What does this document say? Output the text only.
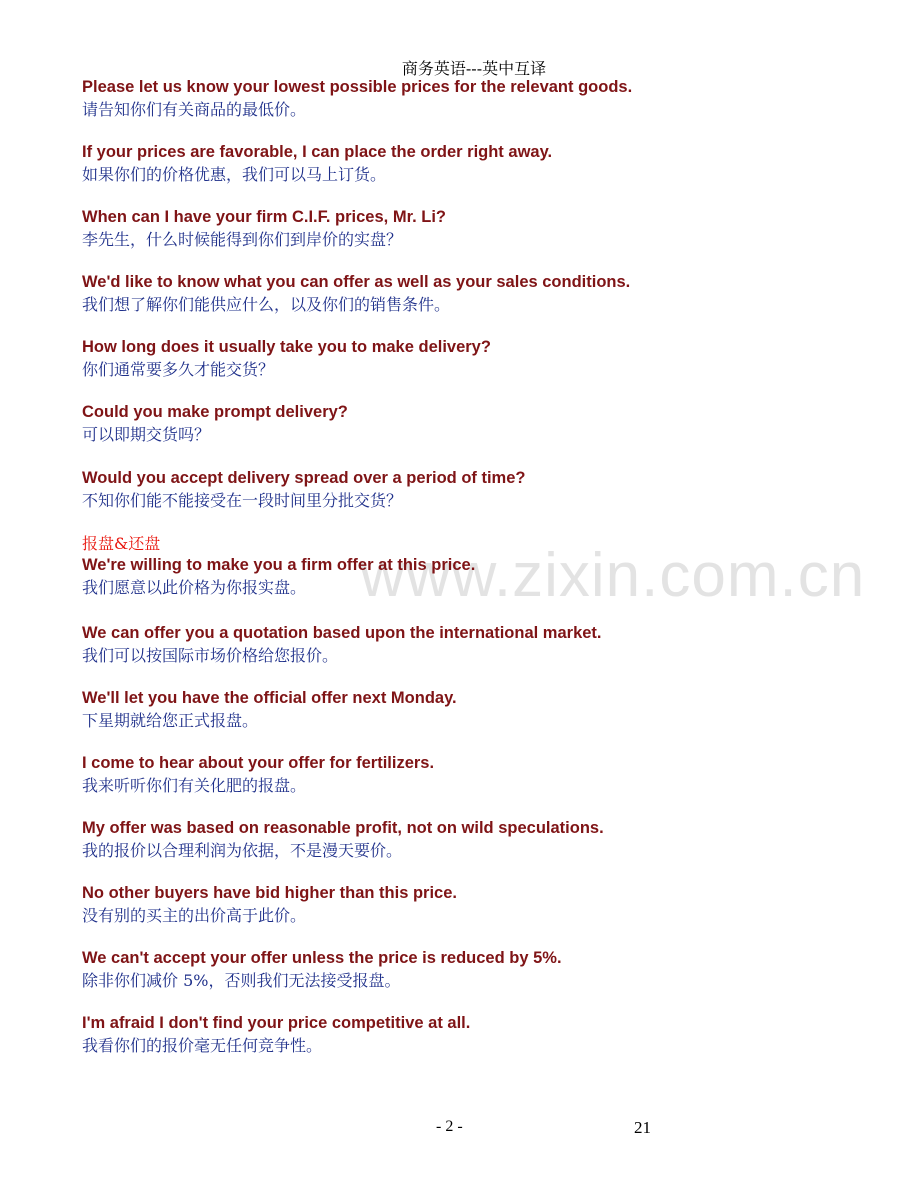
商务英语---英中互译
www.zixin.com.cn
Please let us know your lowest possible prices for the relevant goods.
请告知你们有关商品的最低价。
If your prices are favorable, I can place the order right away.
如果你们的价格优惠，我们可以马上订货。
When can I have your firm C.I.F. prices, Mr. Li?
李先生，什么时候能得到你们到岸价的实盘？
We'd like to know what you can offer as well as your sales conditions.
我们想了解你们能供应什么，以及你们的销售条件。
How long does it usually take you to make delivery?
你们通常要多久才能交货？
Could you make prompt delivery?
可以即期交货吗？
Would you accept delivery spread over a period of time?
不知你们能不能接受在一段时间里分批交货？
报盘&还盘
We're willing to make you a firm offer at this price.
我们愿意以此价格为你报实盘。
We can offer you a quotation based upon the international market.
我们可以按国际市场价格给您报价。
We'll let you have the official offer next Monday.
下星期就给您正式报盘。
I come to hear about your offer for fertilizers.
我来听听你们有关化肥的报盘。
My offer was based on reasonable profit, not on wild speculations.
我的报价以合理利润为依据，不是漫天要价。
No other buyers have bid higher than this price.
没有别的买主的出价高于此价。
We can't accept your offer unless the price is reduced by 5%.
除非你们减价 5%，否则我们无法接受报盘。
I'm afraid I don't find your price competitive at all.
我看你们的报价毫无任何竞争性。
- 2 -	21
